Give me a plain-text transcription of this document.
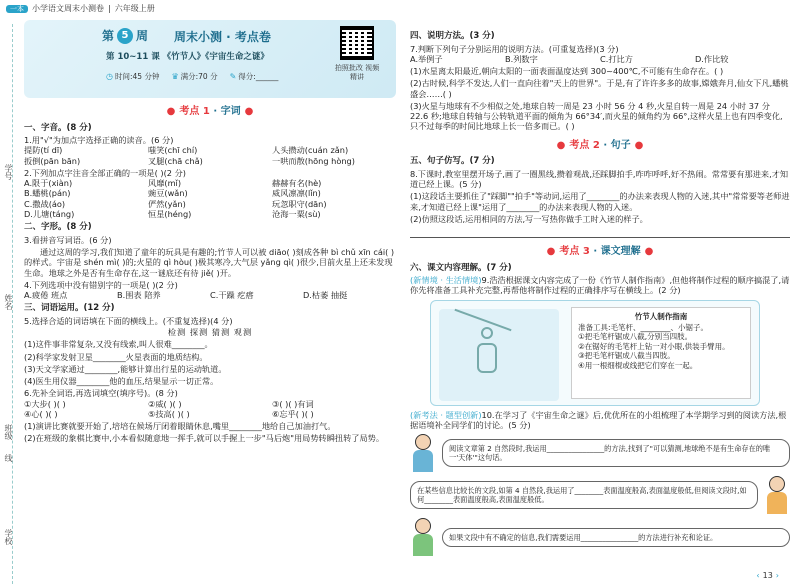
一本	小学语文周末小测卷 | 六年级上册
学号
姓名
班级
线
学校
第 5 周 周末小测 · 考点卷
第 10~11 课 《竹节人》《宇宙生命之谜》
◷ 时间:45 分钟 ♛ 满分:70 分 ✎ 得分:______
拍照批改 视频精讲
● 考点 1 · 字词 ●
一、字音。(8 分)
1.用"√"为加点字选择正确的读音。(6 分)
提防(tí dī)	嗤笑(chī chí)	人头攒动(cuán zǎn)
扳倒(pān bān)	叉腿(chā chǎ)	一哄而散(hōng hòng)
2.下列加点字注音全部正确的一项是( )(2 分)
A.限于(xiàn)	风靡(mǐ)	赫赫有名(hè)
B.蟠桃(pán)	豌豆(wǎn)	威风凛凛(lǐn)
C.撒战(áo)	俨然(yǎn)	玩忽职守(dān)
D.儿塘(táng)	恒星(héng)	沧海一粟(sù)
二、字形。(8 分)
3.看拼音写词语。(6 分)
通过这周的学习,我们知道了童年的玩具是有趣的;竹节人可以被 diāo( )刻成各种 bì chǔ xīn cái( )的样式。宇宙是 shén mì( )的;火星的 qì hòu( )极其寒冷,大气层 yǎng qì( )很少,目前火星上还未发现生命。地球之外是否有生命存在,这一谜底还有待 jiě( )开。
4.下列选项中没有错别字的一项是( )(2 分)
A.疲倦 班点	B.围表 陪养	C.干躁 疙瘩	D.枯萎 抽挺
三、词语运用。(12 分)
5.选择合适的词语填在下面的横线上。(不重复选择)(4 分)
检测 探测 猜测 观测
(1)这件事非常复杂,又没有线索,叫人很难________。
(2)科学家发射卫星________火星表面的地质结构。
(3)天文学家通过________,能够计算出行星的运动轨道。
(4)医生用仪器________他的血压,结果显示一切正常。
6.先补全词语,再选词填空(填序号)。(8 分)
①大步( )( )	②威( )( )	③( )( )有词
④心( )( )	⑤技高( )( )	⑥忘乎( )( )
(1)演讲比赛就要开始了,培培在候场厅闭着眼睛休息,嘴里________地给自己加油打气。
(2)在班级的象棋比赛中,小本看似随意地一挥手,就可以手握上一步"马后炮"用局势转瞬扭转了局势。
四、说明方法。(3 分)
7.判断下列句子分别运用的说明方法。(可重复选择)(3 分)
A.举例子	B.列数字	C.打比方	D.作比较
(1)水星离太阳最近,朝向太阳的一面表面温度达到 300~400℃,不可能有生命存在。( )
(2)古时候,科学不发达,人们一直向往着"天上的世界"。于是,有了许许多多的故事,嫦娥奔月,仙女下凡,蟠桃盛会……( )
(3)火星与地球有不少相似之处,地球自转一周是 23 小时 56 分 4 秒,火星自转一周是 24 小时 37 分 22.6 秒;地球自转轴与公转轨道平面的倾角为 66°34′,而火星的倾角约为 66°,这样火星上也有四季变化,只不过每季的时间比地球上长一倍多而已。( )
● 考点 2 · 句子 ●
五、句子仿写。(7 分)
8.下课时,教室里摆开场子,画了一圈黑线,攒着观战,还踩脚拍手,咋咋呼呼,好不热闹。常常要有那进来,才知道已经上课。(5 分)
(1)这段话主要抓住了"踩脚""拍手"等动词,运用了________的办法来表现人物的入迷,其中"常常要等老师进来,才知道已经上课"运用了________的办法来表现人物的入迷。
(2)仿照这段话,运用相同的方法,写一写热你做手工时入迷的样子。
● 考点 3 · 课文理解 ●
六、课文内容理解。(7 分)
(新情境 · 生活情境)9.浩浩根据课文内容完成了一份《竹节人制作指南》,但他将制作过程的顺序搞混了,请你先将准备工具补充完整,再帮他将制作过程的正确排序写在横线上。(2 分)
竹节人制作指南
准备工具:毛笔杆、________、小锯子。
①把毛笔杆锯成八截,分别当四肢。
②在锯好的毛笔杆上钻一对小眼,供装手臂用。
③把毛笔杆锯成八截当四肢。
④用一根细棍或线把它们穿在一起。
(新考法 · 题型创新)10.在学习了《宇宙生命之谜》后,优优所在的小组梳理了本学期学习到的阅读方法,根据语境补全同学们的讨论。(5 分)
阅读文章第 2 自然段时,我运用________________的方法,找到了"可以猜测,地球绝不是有生命存在的唯一'天体'"这句话。
在某些信息比较长的文段,如第 4 自然段,我运用了________表面温度般高,表面温度般低,但阅读文段时,如何________表面温度般高,表面温度般低。
如果文段中有不确定的信息,我们需要运用________________的方法进行补充和论证。
‹ 13 ›
